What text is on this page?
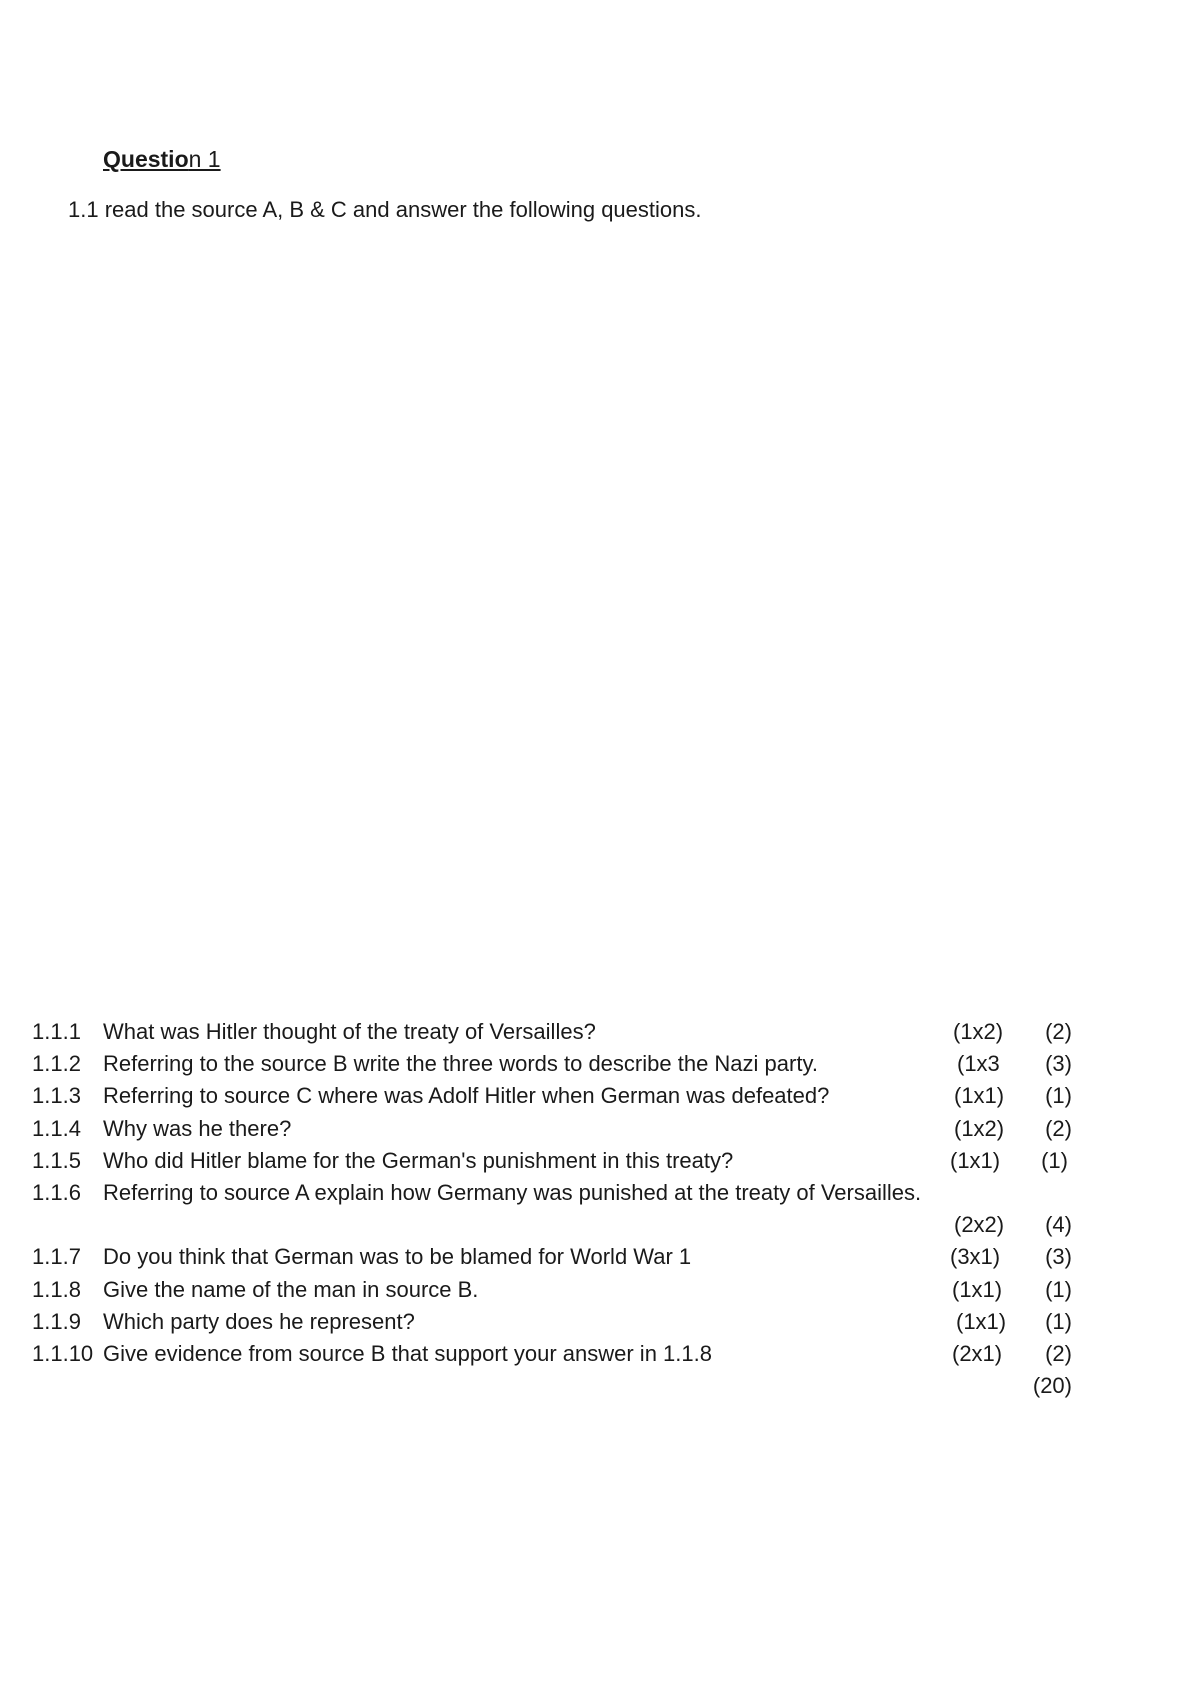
Question 1
1.1 read the source A, B & C and answer the following questions.
1.1.1 What was Hitler thought of the treaty of Versailles?	(1x2) (2)
1.1.2 Referring to the source B write the three words to describe the Nazi party.	(1x3 (3)
1.1.3 Referring to source C where was Adolf Hitler when German was defeated?	(1x1) (1)
1.1.4 Why was he there?	(1x2) (2)
1.1.5 Who did Hitler blame for the German's punishment in this treaty?	(1x1) (1)
1.1.6 Referring to source A explain how Germany was punished at the treaty of Versailles.
(2x2) (4)
1.1.7 Do you think that German was to be blamed for World War 1	(3x1) (3)
1.1.8 Give the name of the man in source B.	(1x1) (1)
1.1.9 Which party does he represent?	(1x1) (1)
1.1.10 Give evidence from source B that support your answer in 1.1.8	(2x1) (2)
(20)
